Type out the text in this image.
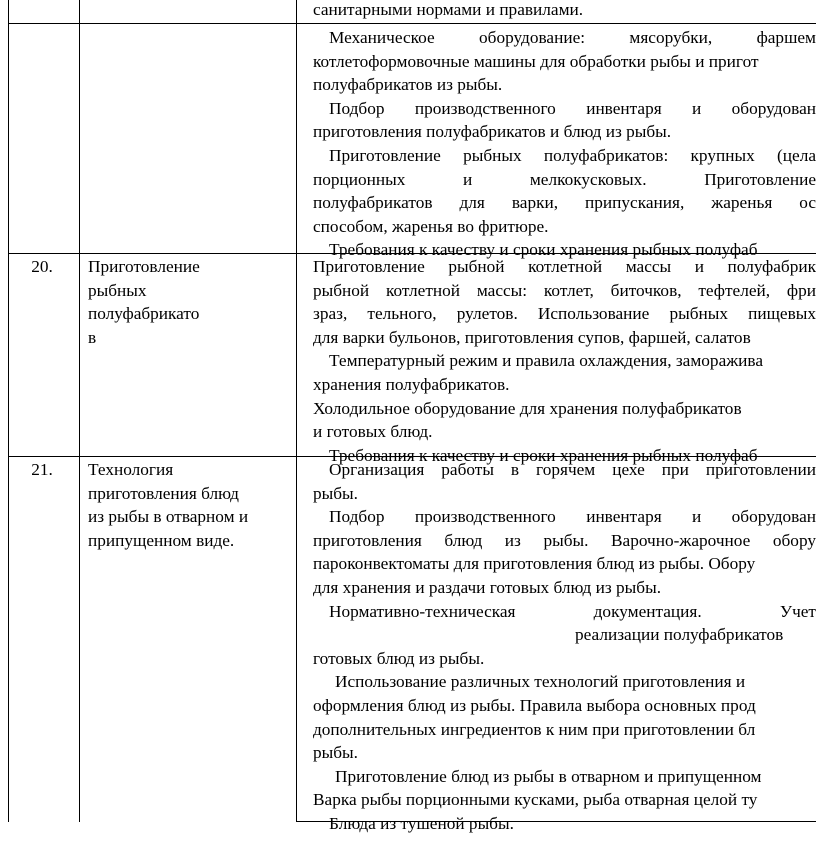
санитарными нормами и правилами.
Механическое оборудование: мясорубки, фаршем
котлетоформовочные машины для обработки рыбы и пригот
полуфабрикатов из рыбы.
Подбор производственного инвентаря и оборудован
приготовления полуфабрикатов и блюд из рыбы.
Приготовление рыбных полуфабрикатов: крупных (цела
порционных и мелкокусковых. Приготовление
полуфабрикатов для варки, припускания, жаренья ос
способом, жаренья во фритюре.
Требования к качеству и сроки хранения рыбных полуфаб
20.	Приготовление
рыбных
полуфабрикато
в
Приготовление рыбной котлетной массы и полуфабрик
рыбной котлетной массы: котлет, биточков, тефтелей, фри
зраз, тельного, рулетов. Использование рыбных пищевых
для варки бульонов, приготовления супов, фаршей, салатов
Температурный режим и правила охлаждения, заморажива
хранения полуфабрикатов.
Холодильное оборудование для хранения полуфабрикатов
и готовых блюд.
Требования к качеству и сроки хранения рыбных полуфаб
21.	Технология
приготовления блюд
из рыбы в отварном и
припущенном виде.
Организация работы в горячем цехе при приготовлении
рыбы.
Подбор производственного инвентаря и оборудован
приготовления блюд из рыбы. Варочно-жарочное обору
пароконвектоматы для приготовления блюд из рыбы. Обору
для хранения и раздачи готовых блюд из рыбы.
Нормативно-техническая документация. Учет
реализации полуфабрикатов
готовых блюд из рыбы.
Использование различных технологий приготовления и
оформления блюд из рыбы. Правила выбора основных прод
дополнительных ингредиентов к ним при приготовлении бл
рыбы.
Приготовление блюд из рыбы в отварном и припущенном
Варка рыбы порционными кусками, рыба отварная целой ту
Блюда из тушеной рыбы.
